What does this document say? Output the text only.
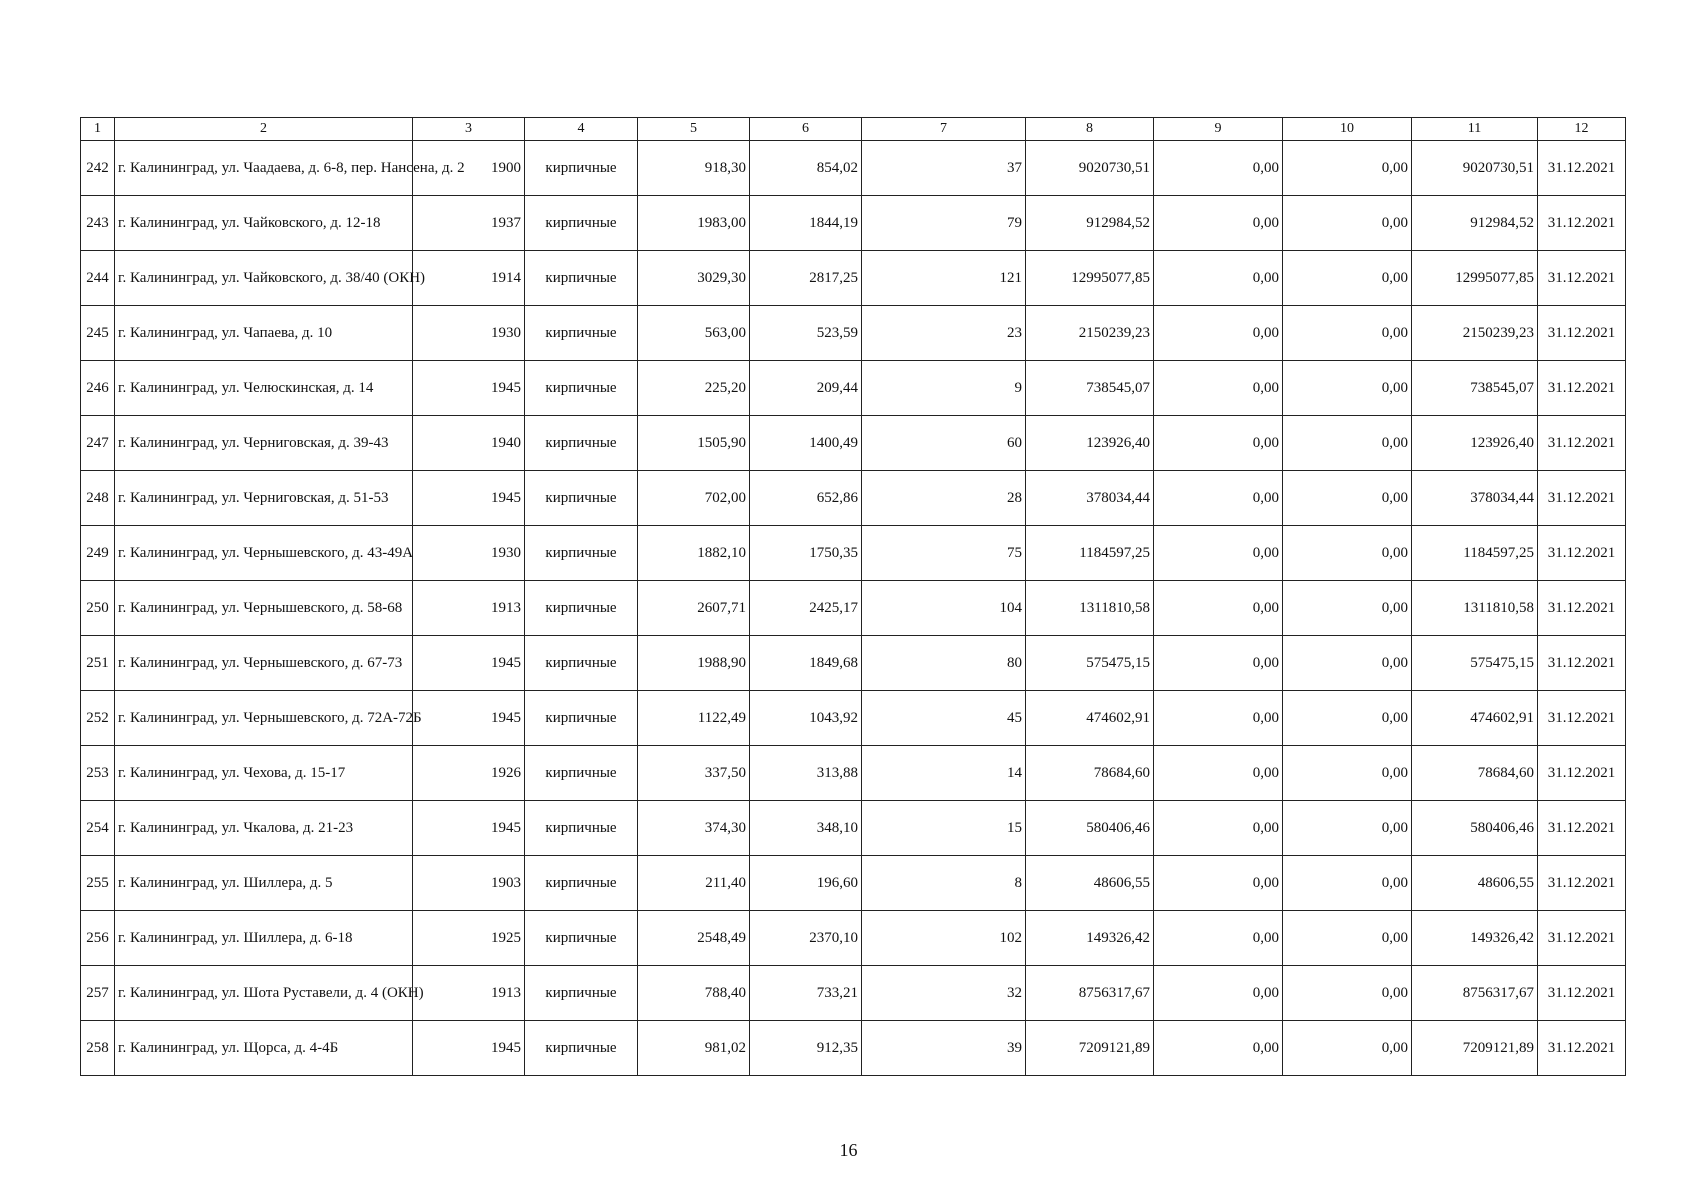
1	2	3	4	5	6	7	8	9	10	11	12
242	г. Калининград, ул. Чаадаева, д. 6-8, пер. Нансена, д. 2	1900	кирпичные	918,30	854,02	37	9020730,51	0,00	0,00	9020730,51	31.12.2021
243	г. Калининград, ул. Чайковского, д. 12-18	1937	кирпичные	1983,00	1844,19	79	912984,52	0,00	0,00	912984,52	31.12.2021
244	г. Калининград, ул. Чайковского, д. 38/40 (ОКН)	1914	кирпичные	3029,30	2817,25	121	12995077,85	0,00	0,00	12995077,85	31.12.2021
245	г. Калининград, ул. Чапаева, д. 10	1930	кирпичные	563,00	523,59	23	2150239,23	0,00	0,00	2150239,23	31.12.2021
246	г. Калининград, ул. Челюскинская, д. 14	1945	кирпичные	225,20	209,44	9	738545,07	0,00	0,00	738545,07	31.12.2021
247	г. Калининград, ул. Черниговская, д. 39-43	1940	кирпичные	1505,90	1400,49	60	123926,40	0,00	0,00	123926,40	31.12.2021
248	г. Калининград, ул. Черниговская, д. 51-53	1945	кирпичные	702,00	652,86	28	378034,44	0,00	0,00	378034,44	31.12.2021
249	г. Калининград, ул. Чернышевского, д. 43-49А	1930	кирпичные	1882,10	1750,35	75	1184597,25	0,00	0,00	1184597,25	31.12.2021
250	г. Калининград, ул. Чернышевского, д. 58-68	1913	кирпичные	2607,71	2425,17	104	1311810,58	0,00	0,00	1311810,58	31.12.2021
251	г. Калининград, ул. Чернышевского, д. 67-73	1945	кирпичные	1988,90	1849,68	80	575475,15	0,00	0,00	575475,15	31.12.2021
252	г. Калининград, ул. Чернышевского, д. 72А-72Б	1945	кирпичные	1122,49	1043,92	45	474602,91	0,00	0,00	474602,91	31.12.2021
253	г. Калининград, ул. Чехова, д. 15-17	1926	кирпичные	337,50	313,88	14	78684,60	0,00	0,00	78684,60	31.12.2021
254	г. Калининград, ул. Чкалова, д. 21-23	1945	кирпичные	374,30	348,10	15	580406,46	0,00	0,00	580406,46	31.12.2021
255	г. Калининград, ул. Шиллера, д. 5	1903	кирпичные	211,40	196,60	8	48606,55	0,00	0,00	48606,55	31.12.2021
256	г. Калининград, ул. Шиллера, д. 6-18	1925	кирпичные	2548,49	2370,10	102	149326,42	0,00	0,00	149326,42	31.12.2021
257	г. Калининград, ул. Шота Руставели, д. 4 (ОКН)	1913	кирпичные	788,40	733,21	32	8756317,67	0,00	0,00	8756317,67	31.12.2021
258	г. Калининград, ул. Щорса, д. 4-4Б	1945	кирпичные	981,02	912,35	39	7209121,89	0,00	0,00	7209121,89	31.12.2021
16
